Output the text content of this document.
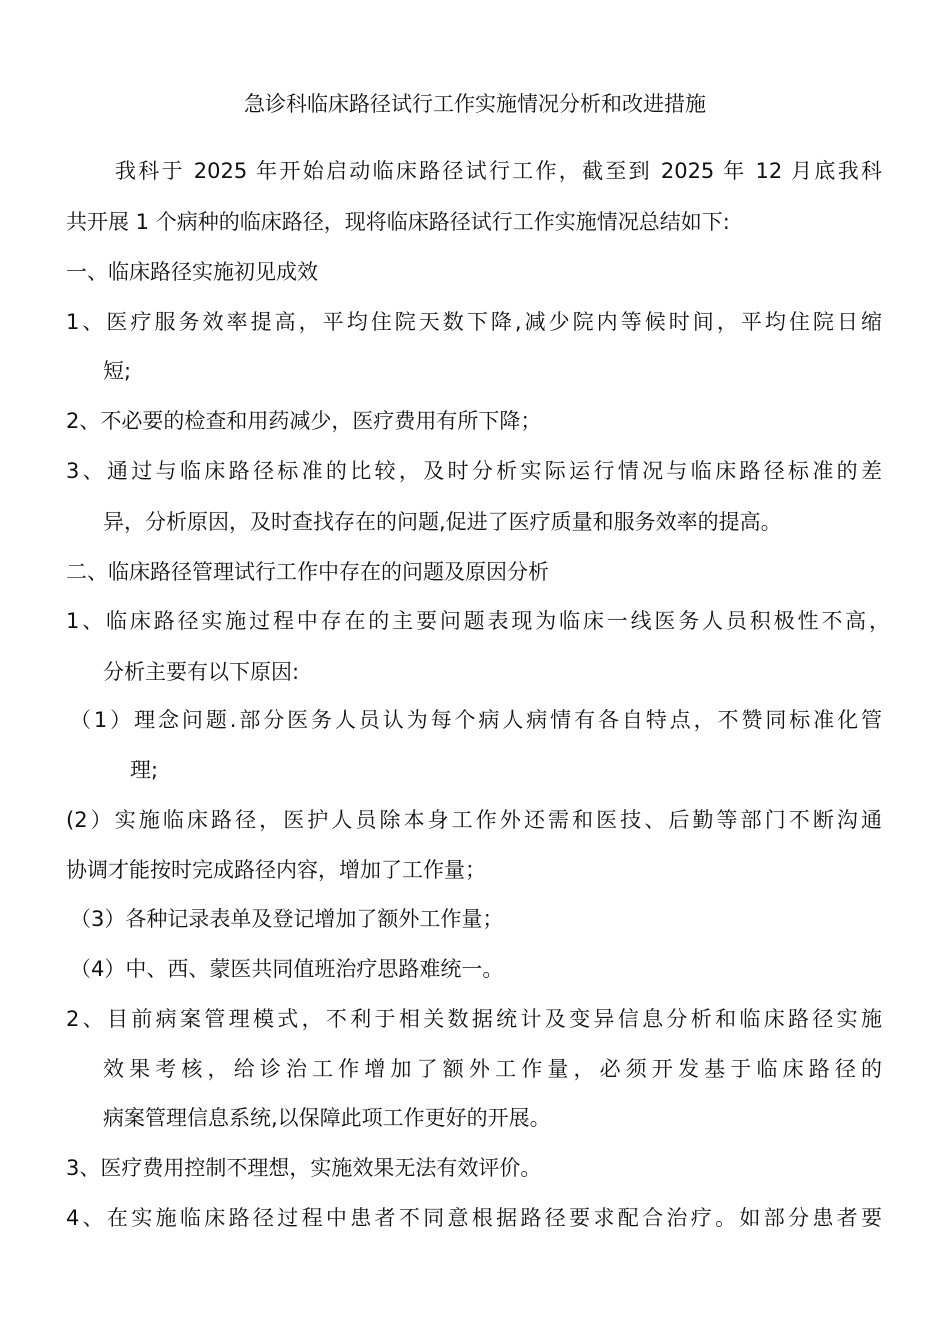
急诊科临床路径试行工作实施情况分析和改进措施
我科于 2025 年开始启动临床路径试行工作，截至到 2025 年 12 月底我科
共开展 1 个病种的临床路径，现将临床路径试行工作实施情况总结如下:
一、临床路径实施初见成效
1、医疗服务效率提高，平均住院天数下降,减少院内等候时间，平均住院日缩
短;
2、不必要的检查和用药减少，医疗费用有所下降；
3、通过与临床路径标准的比较，及时分析实际运行情况与临床路径标准的差
异，分析原因，及时查找存在的问题,促进了医疗质量和服务效率的提高。
二、临床路径管理试行工作中存在的问题及原因分析
1、临床路径实施过程中存在的主要问题表现为临床一线医务人员积极性不高，
分析主要有以下原因:
（1）理念问题.部分医务人员认为每个病人病情有各自特点，不赞同标准化管
理;
(2）实施临床路径，医护人员除本身工作外还需和医技、后勤等部门不断沟通
协调才能按时完成路径内容，增加了工作量；
（3）各种记录表单及登记增加了额外工作量；
（4）中、西、蒙医共同值班治疗思路难统一。
2、目前病案管理模式，不利于相关数据统计及变异信息分析和临床路径实施
效果考核，给诊治工作增加了额外工作量，必须开发基于临床路径的
病案管理信息系统,以保障此项工作更好的开展。
3、医疗费用控制不理想，实施效果无法有效评价。
4、在实施临床路径过程中患者不同意根据路径要求配合治疗。如部分患者要
